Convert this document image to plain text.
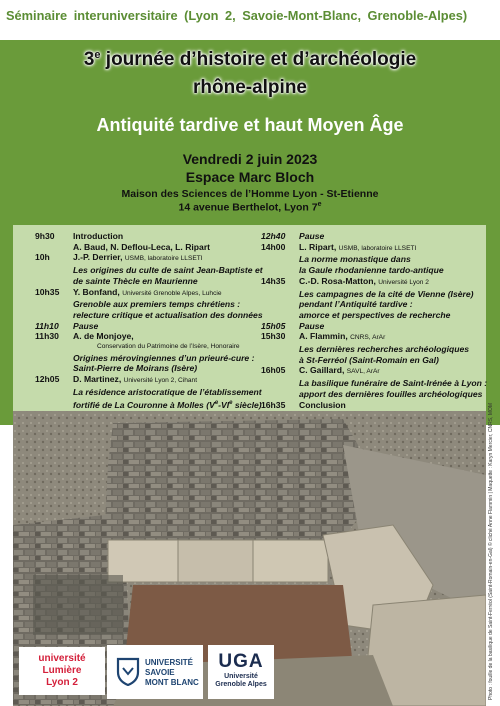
Séminaire interuniversitaire (Lyon 2, Savoie-Mont-Blanc, Grenoble-Alpes)
3e journée d’histoire et d’archéologie
rhône-alpine
Antiquité tardive et haut Moyen Âge
Vendredi 2 juin 2023
Espace Marc Bloch
Maison des Sciences de l’Homme Lyon - St-Etienne
14 avenue Berthelot, Lyon 7e
9h30 Introduction
A. Baud, N. Deflou-Leca, L. Ripart
10h	J.-P. Derrier, USMB, laboratoire LLSETI
Les origines du culte de saint Jean-Baptiste et
de sainte Thècle en Maurienne
10h35 Y. Bonfand, Université Grenoble Alpes, Luhcie
Grenoble aux premiers temps chrétiens :
relecture critique et actualisation des données
11h10 Pause
11h30 A. de Monjoye,
Conservation du Patrimoine de l’Isère, Honoraire
Origines mérovingiennes d’un prieuré-cure :
Saint-Pierre de Moirans (Isère)
12h05 D. Martinez, Université Lyon 2, Cihant
La résidence aristocratique de l’établissement
fortifié de La Couronne à Molles (Ve-VIe siècle)
12h40 Pause
14h00 L. Ripart, USMB, laboratoire LLSETI
La norme monastique dans
la Gaule rhodanienne tardo-antique
14h35 C.-D. Rosa-Matton, Université Lyon 2
Les campagnes de la cité de Vienne (Isère)
pendant l’Antiquité tardive :
amorce et perspectives de recherche
15h05 Pause
15h30 A. Flammin, CNRS, ArAr
Les dernières recherches archéologiques
à St-Ferréol (Saint-Romain en Gal)
16h05 C. Gaillard, SAVL, ArAr
La basilique funéraire de Saint-Irénée à Lyon :
apport des dernières fouilles archéologiques
16h35 Conclusion	Photo : fouille de la basilique de Saint-Ferréol (Saint-Romain-en-Gal) © cliché Anne Flammin | Maquette : Karyn Mercier, CNRS, MOM
université
Lumière
Lyon 2
UNIVERSITÉ
SAVOIE
MONT BLANC
UGA
Université
Grenoble Alpes
